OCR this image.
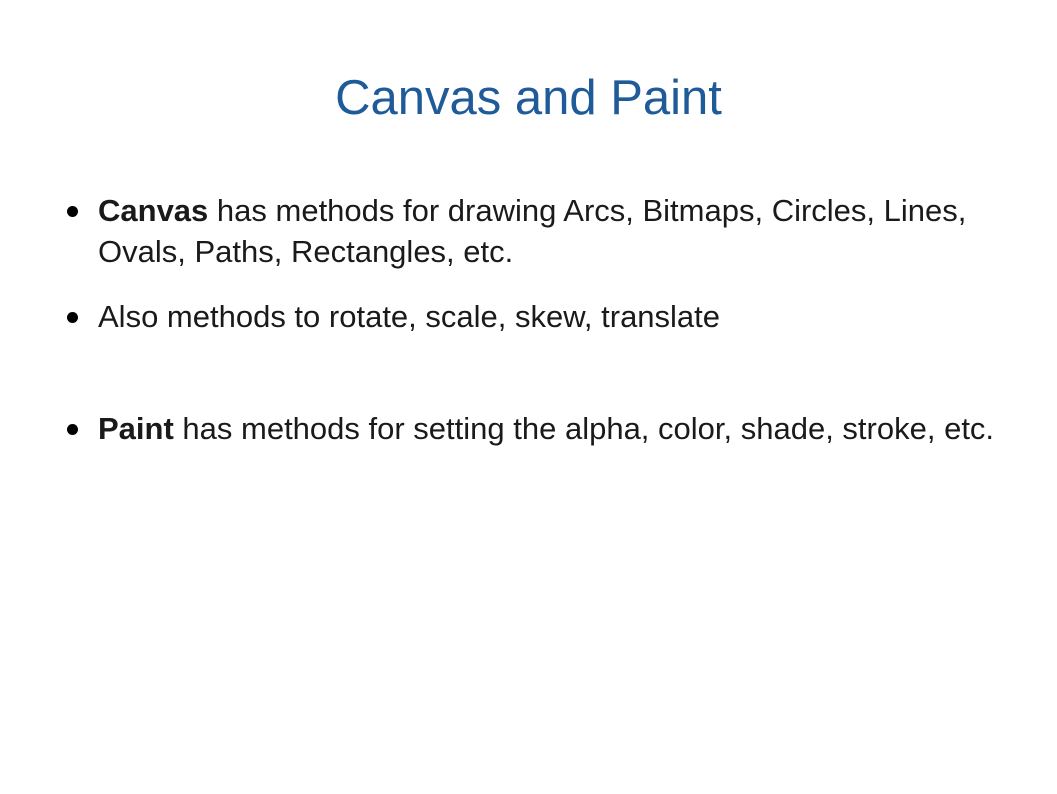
Canvas and Paint
Canvas has methods for drawing Arcs, Bitmaps, Circles, Lines, Ovals, Paths, Rectangles, etc.
Also methods to rotate, scale, skew, translate
Paint has methods for setting the alpha, color, shade, stroke, etc.
